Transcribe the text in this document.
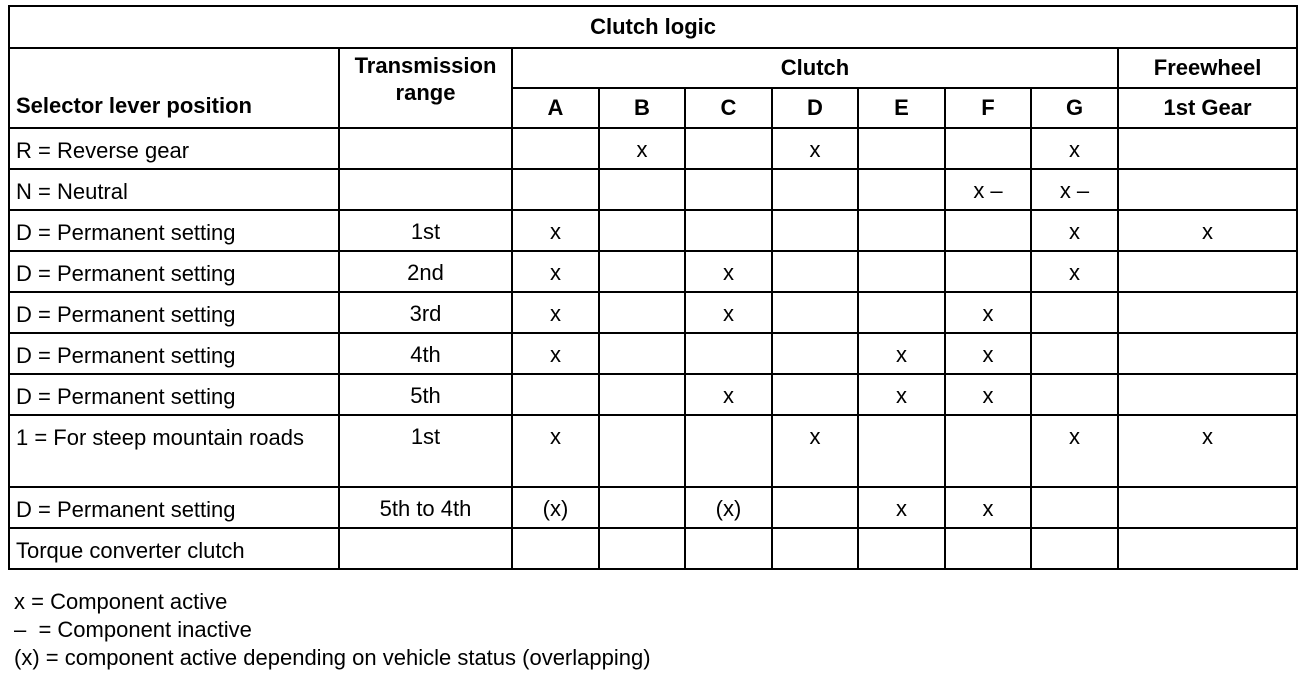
Clutch logic									
Selector lever position	Transmission range	Clutch							Freewheel
		A	B	C	D	E	F	G	1st Gear
R = Reverse gear			x		x			x	
N = Neutral							x –	x –	
D = Permanent setting	1st	x						x	x
D = Permanent setting	2nd	x		x				x	
D = Permanent setting	3rd	x		x			x		
D = Permanent setting	4th	x				x	x		
D = Permanent setting	5th			x		x	x		
1 = For steep mountain roads	1st	x			x			x	x
D = Permanent setting	5th to 4th	(x)		(x)		x	x		
Torque converter clutch									
x = Component active
–  = Component inactive
(x) = component active depending on vehicle status (overlapping)
